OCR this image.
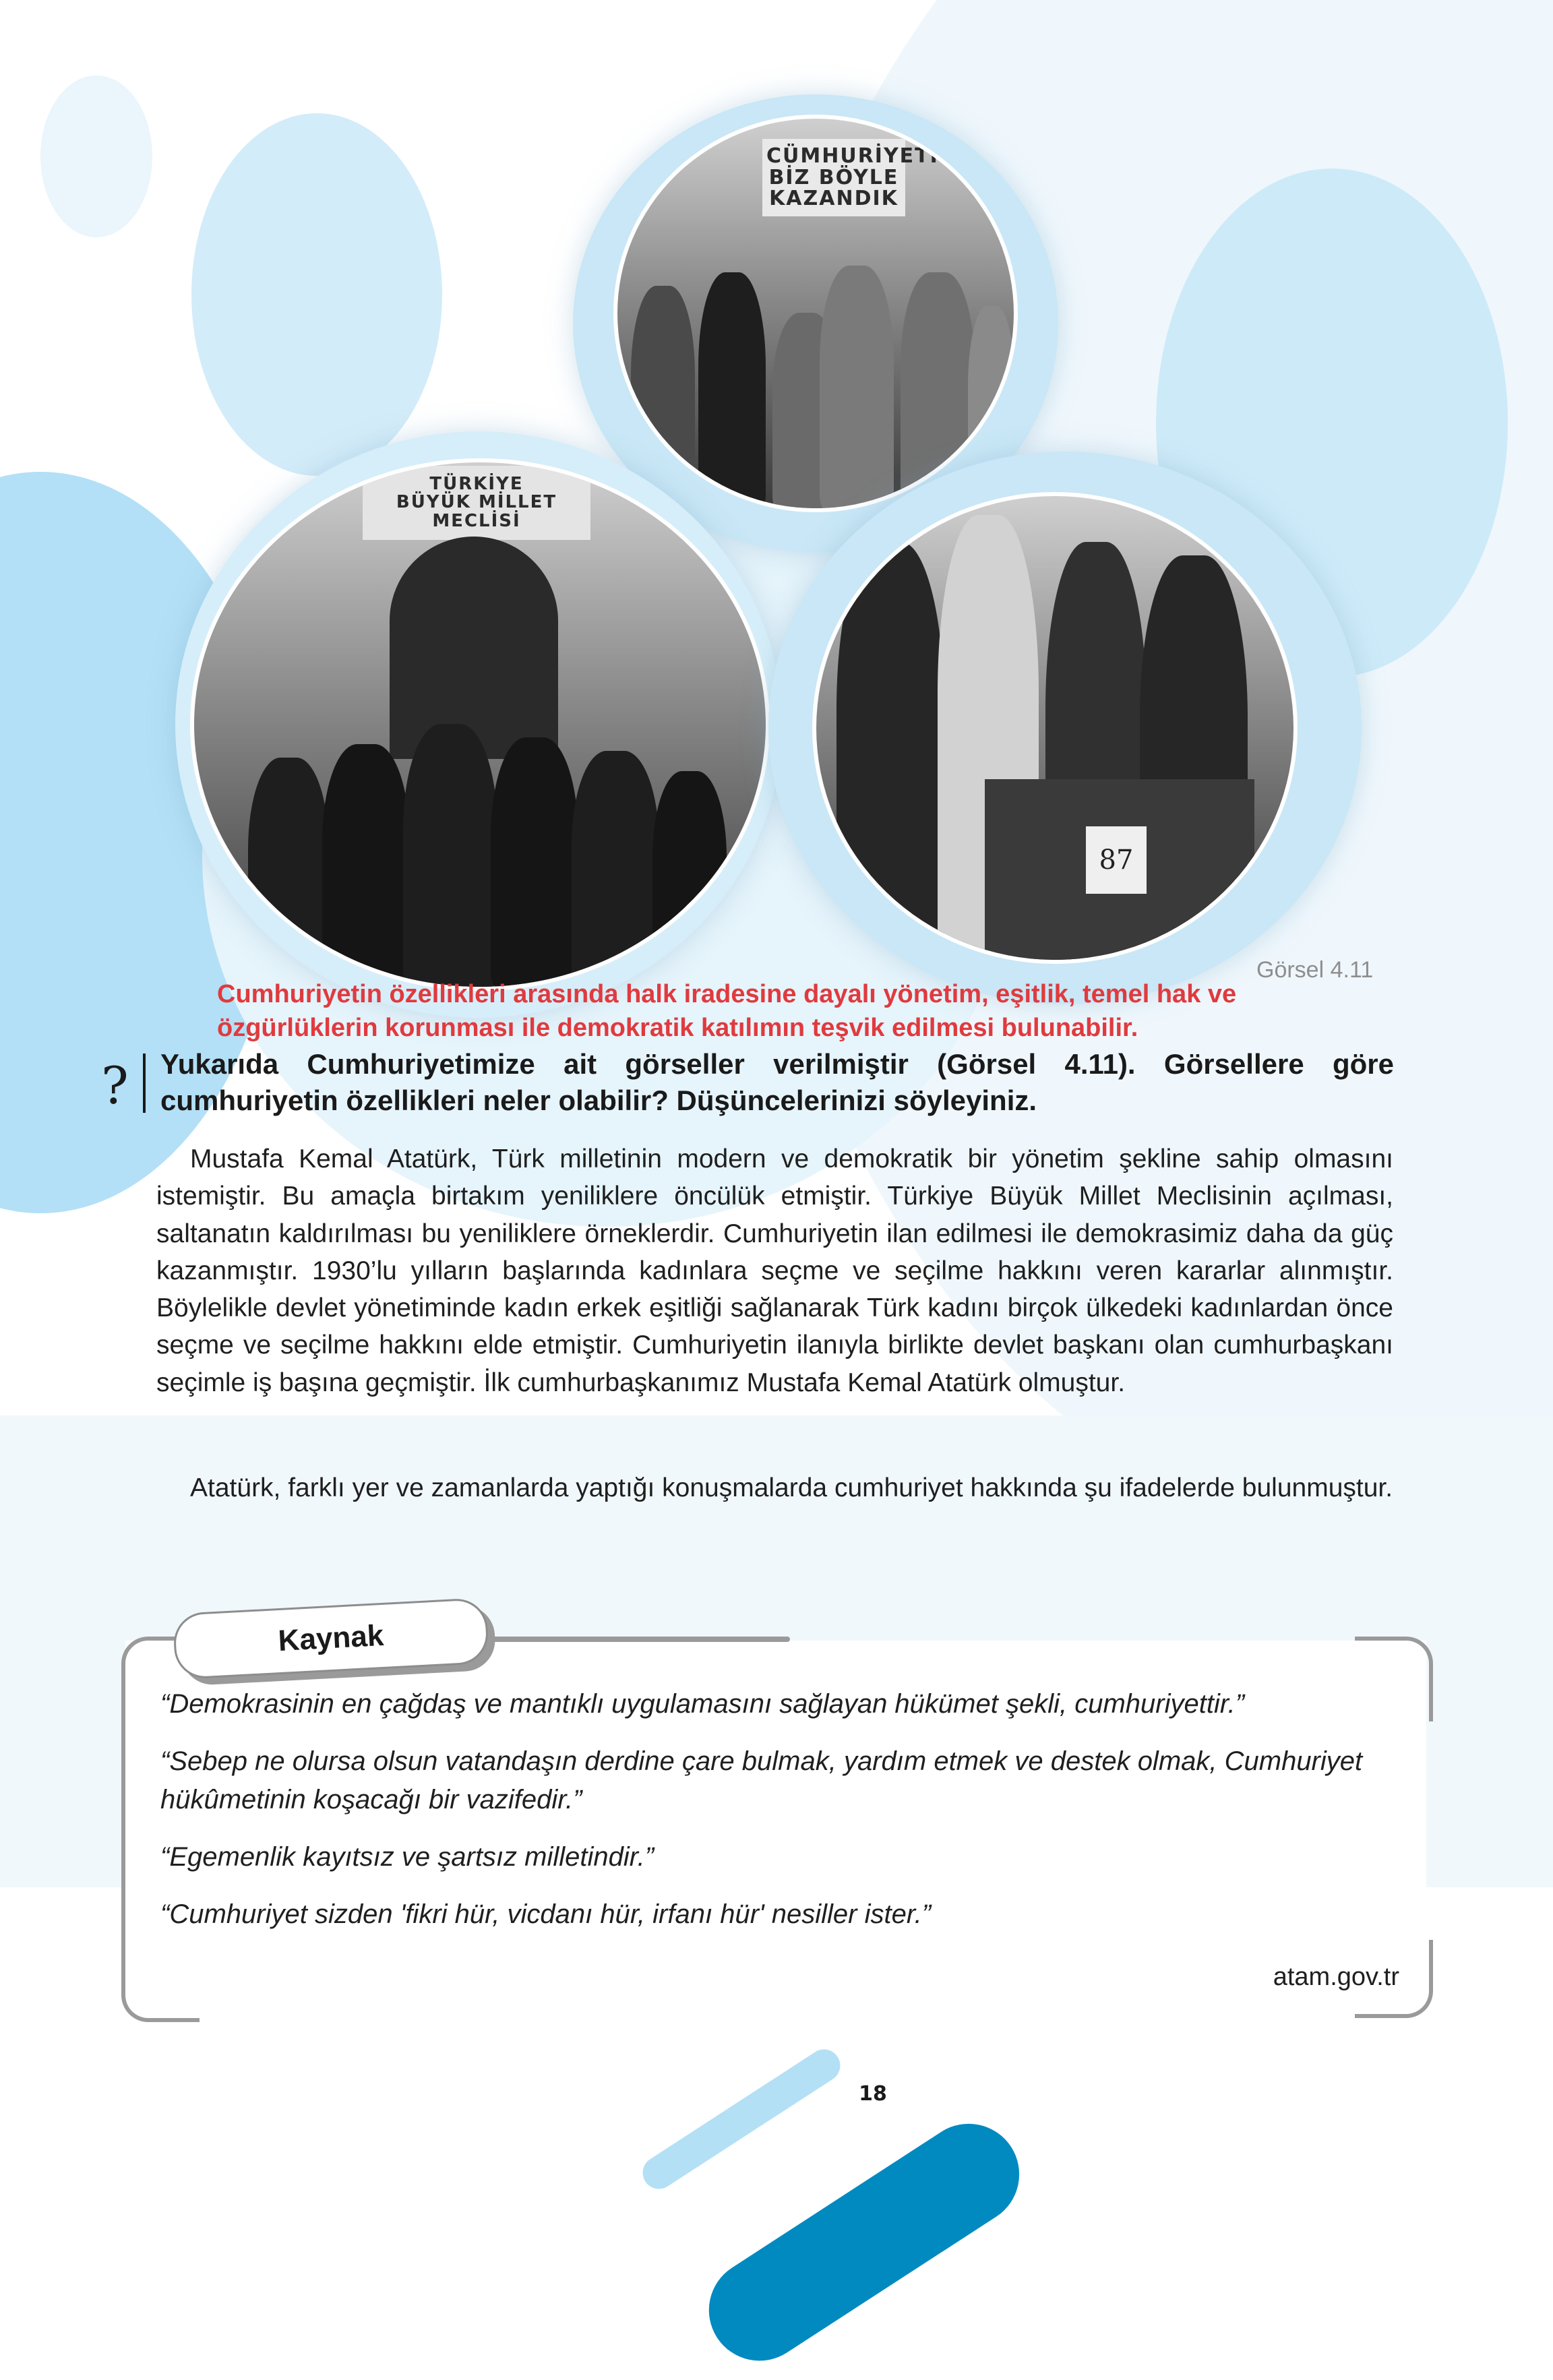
CÜMHURİYETİ
BİZ BÖYLE
KAZANDIK
TÜRKİYE
BÜYÜK MİLLET MECLİSİ
87
Görsel 4.11
Cumhuriyetin özellikleri arasında halk iradesine dayalı yönetim, eşitlik, temel hak ve özgürlüklerin korunması ile demokratik katılımın teşvik edilmesi bulunabilir.
? Yukarıda Cumhuriyetimize ait görseller verilmiştir (Görsel 4.11). Görsellere göre cumhuriyetin özellikleri neler olabilir? Düşüncelerinizi söyleyiniz.

Mustafa Kemal Atatürk, Türk milletinin modern ve demokratik bir yönetim şekline sahip olmasını istemiştir. Bu amaçla birtakım yeniliklere öncülük etmiştir. Türkiye Büyük Millet Meclisinin açılması, saltanatın kaldırılması bu yeniliklere örneklerdir. Cumhuriyetin ilan edilmesi ile demokrasimiz daha da güç kazanmıştır. 1930’lu yılların başlarında kadınlara seçme ve seçilme hakkını veren kararlar alınmıştır. Böylelikle devlet yönetiminde kadın erkek eşitliği sağlanarak Türk kadını birçok ülkedeki kadınlardan önce seçme ve seçilme hakkını elde etmiştir. Cumhuriyetin ilanıyla birlikte devlet başkanı olan cumhurbaşkanı seçimle iş başına geçmiştir. İlk cumhurbaşkanımız Mustafa Kemal Atatürk olmuştur.

Atatürk, farklı yer ve zamanlarda yaptığı konuşmalarda cumhuriyet hakkında şu ifadelerde bulunmuştur.

Kaynak
“Demokrasinin en çağdaş ve mantıklı uygulamasını sağlayan hükümet şekli, cumhuriyettir.”
“Sebep ne olursa olsun vatandaşın derdine çare bulmak, yardım etmek ve destek olmak, Cumhuriyet hükûmetinin koşacağı bir vazifedir.”
“Egemenlik kayıtsız ve şartsız milletindir.”
“Cumhuriyet sizden 'fikri hür, vicdanı hür, irfanı hür' nesiller ister.”
atam.gov.tr
18
